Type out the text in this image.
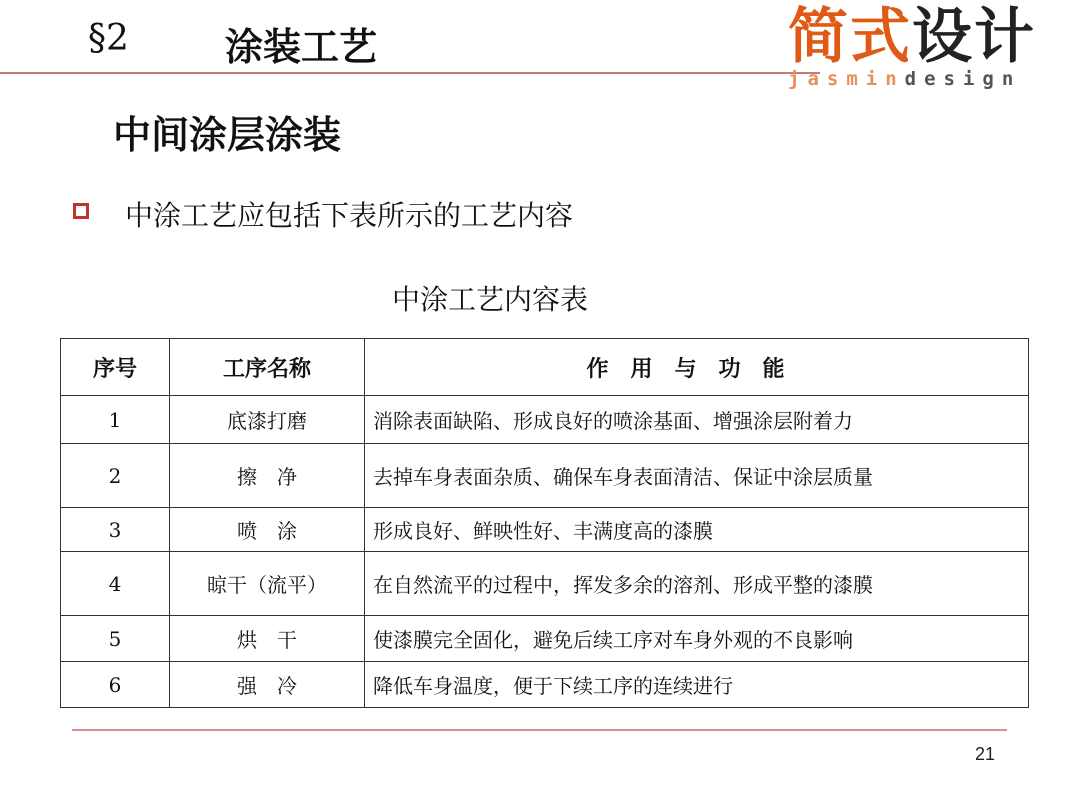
§2	涂装工艺	简式设计
jasmindesign
中间涂层涂装
中涂工艺应包括下表所示的工艺内容
中涂工艺内容表
序号	工序名称	作用与功能
1	底漆打磨	消除表面缺陷、形成良好的喷涂基面、增强涂层附着力
2	擦　净	去掉车身表面杂质、确保车身表面清洁、保证中涂层质量
3	喷　涂	形成良好、鲜映性好、丰满度高的漆膜
4	晾干（流平）	在自然流平的过程中，挥发多余的溶剂、形成平整的漆膜
5	烘　干	使漆膜完全固化，避免后续工序对车身外观的不良影响
6	强　冷	降低车身温度，便于下续工序的连续进行
21
